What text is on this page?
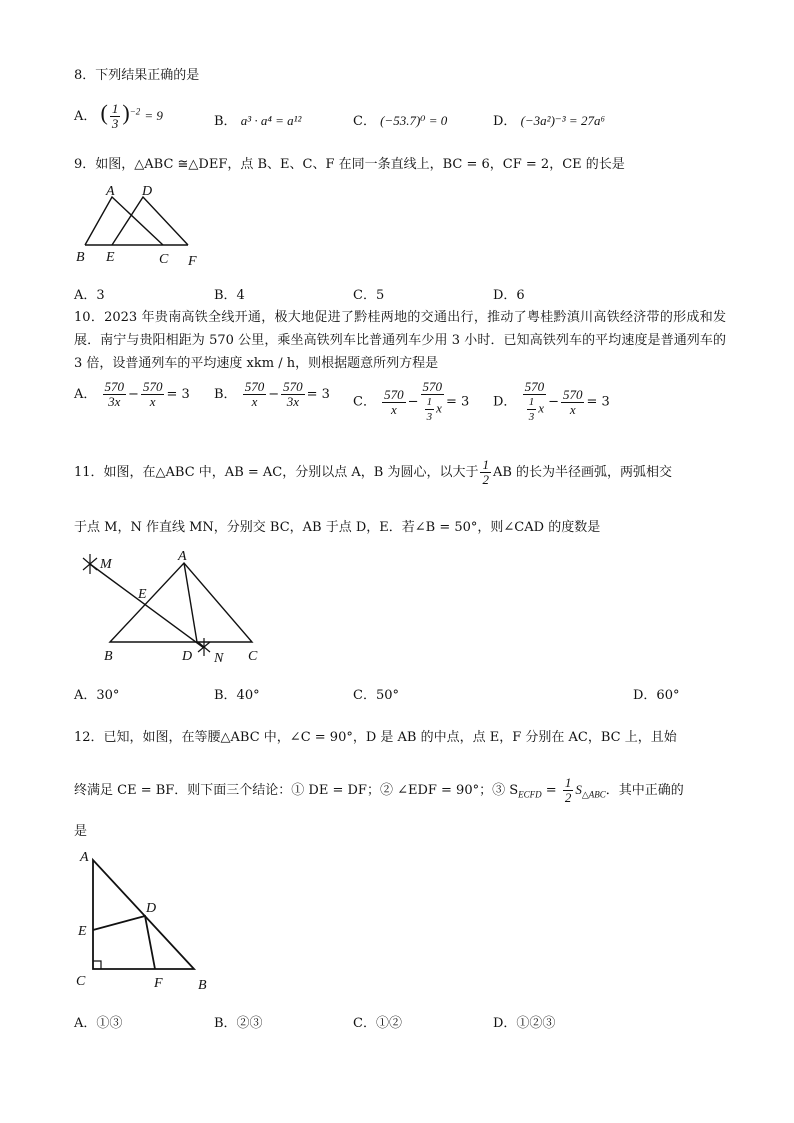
8．下列结果正确的是
A． ( $\frac{1}{3} )^{-2} = 9$	B． a³ · a⁴ = a¹²	C． (−53.7)⁰ = 0	D． (−3a²)⁻³ = 27a⁶
9．如图，△ABC ≅△DEF，点 B、E、C、F 在同一条直线上，BC = 6，CF = 2，CE 的长是
A D
B E	C F
A．3	B．4	C．5	D．6
10．2023 年贵南高铁全线开通，极大地促进了黔桂两地的交通出行，推动了粤桂黔滇川高铁经济带的形成和发展．南宁与贵阳相距为 570 公里，乘坐高铁列车比普通列车少用 3 小时．已知高铁列车的平均速度是普通列车的 3 倍，设普通列车的平均速度 xkm / h，则根据题意所列方程是
A． $\frac{570}{3x} - \frac{570}{x} = 3$ B． $\frac{570}{x} - \frac{570}{3x} = 3$ C． $\frac{570}{x} - \frac{570}{\frac{1}{3} x} = 3$ D． $\frac{570}{\frac{1}{3} x} - \frac{570}{x} = 3$
11．如图，在△ABC 中，AB = AC，分别以点 A，B 为圆心，以大于 $\frac{1}{2}$ AB 的长为半径画弧，两弧相交
于点 M，N 作直线 MN，分别交 BC，AB 于点 D，E．若∠B = 50°，则∠CAD 的度数是
M
A
E
B	D N C
A．30°	B．40°	C．50°	D．60°
12．已知，如图，在等腰△ABC 中，∠C = 90°，D 是 AB 的中点，点 E，F 分别在 AC，BC 上，且始
终满足 CE = BF．则下面三个结论：① DE = DF；② ∠EDF = 90°；③ $S_{ECFD} = \frac{1}{2} S_{\triangle ABC}$．其中正确的
是
A
D
E
C	F	B
A．①③	B．②③	C．①②	D．①②③
